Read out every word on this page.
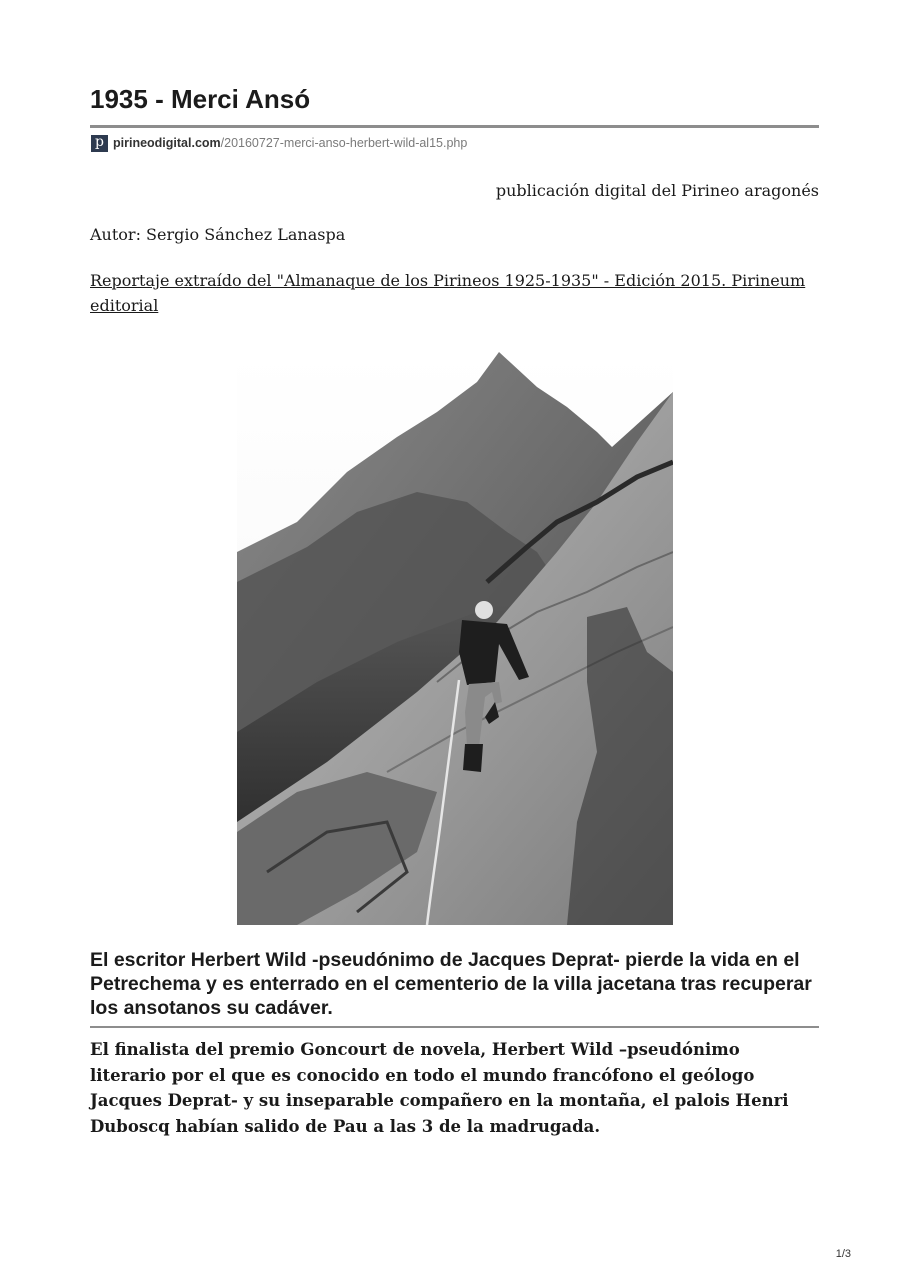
1935 - Merci Ansó
p pirineodigital.com/20160727-merci-anso-herbert-wild-al15.php
publicación digital del Pirineo aragonés
Autor: Sergio Sánchez Lanaspa
Reportaje extraído del "Almanaque de los Pirineos 1925-1935" - Edición 2015. Pirineum editorial

El escritor Herbert Wild -pseudónimo de Jacques Deprat- pierde la vida en el Petrechema y es enterrado en el cementerio de la villa jacetana tras recuperar los ansotanos su cadáver.

El finalista del premio Goncourt de novela, Herbert Wild –pseudónimo literario por el que es conocido en todo el mundo francófono el geólogo Jacques Deprat- y su inseparable compañero en la montaña, el palois Henri Duboscq habían salido de Pau a las 3 de la madrugada.

1/3
